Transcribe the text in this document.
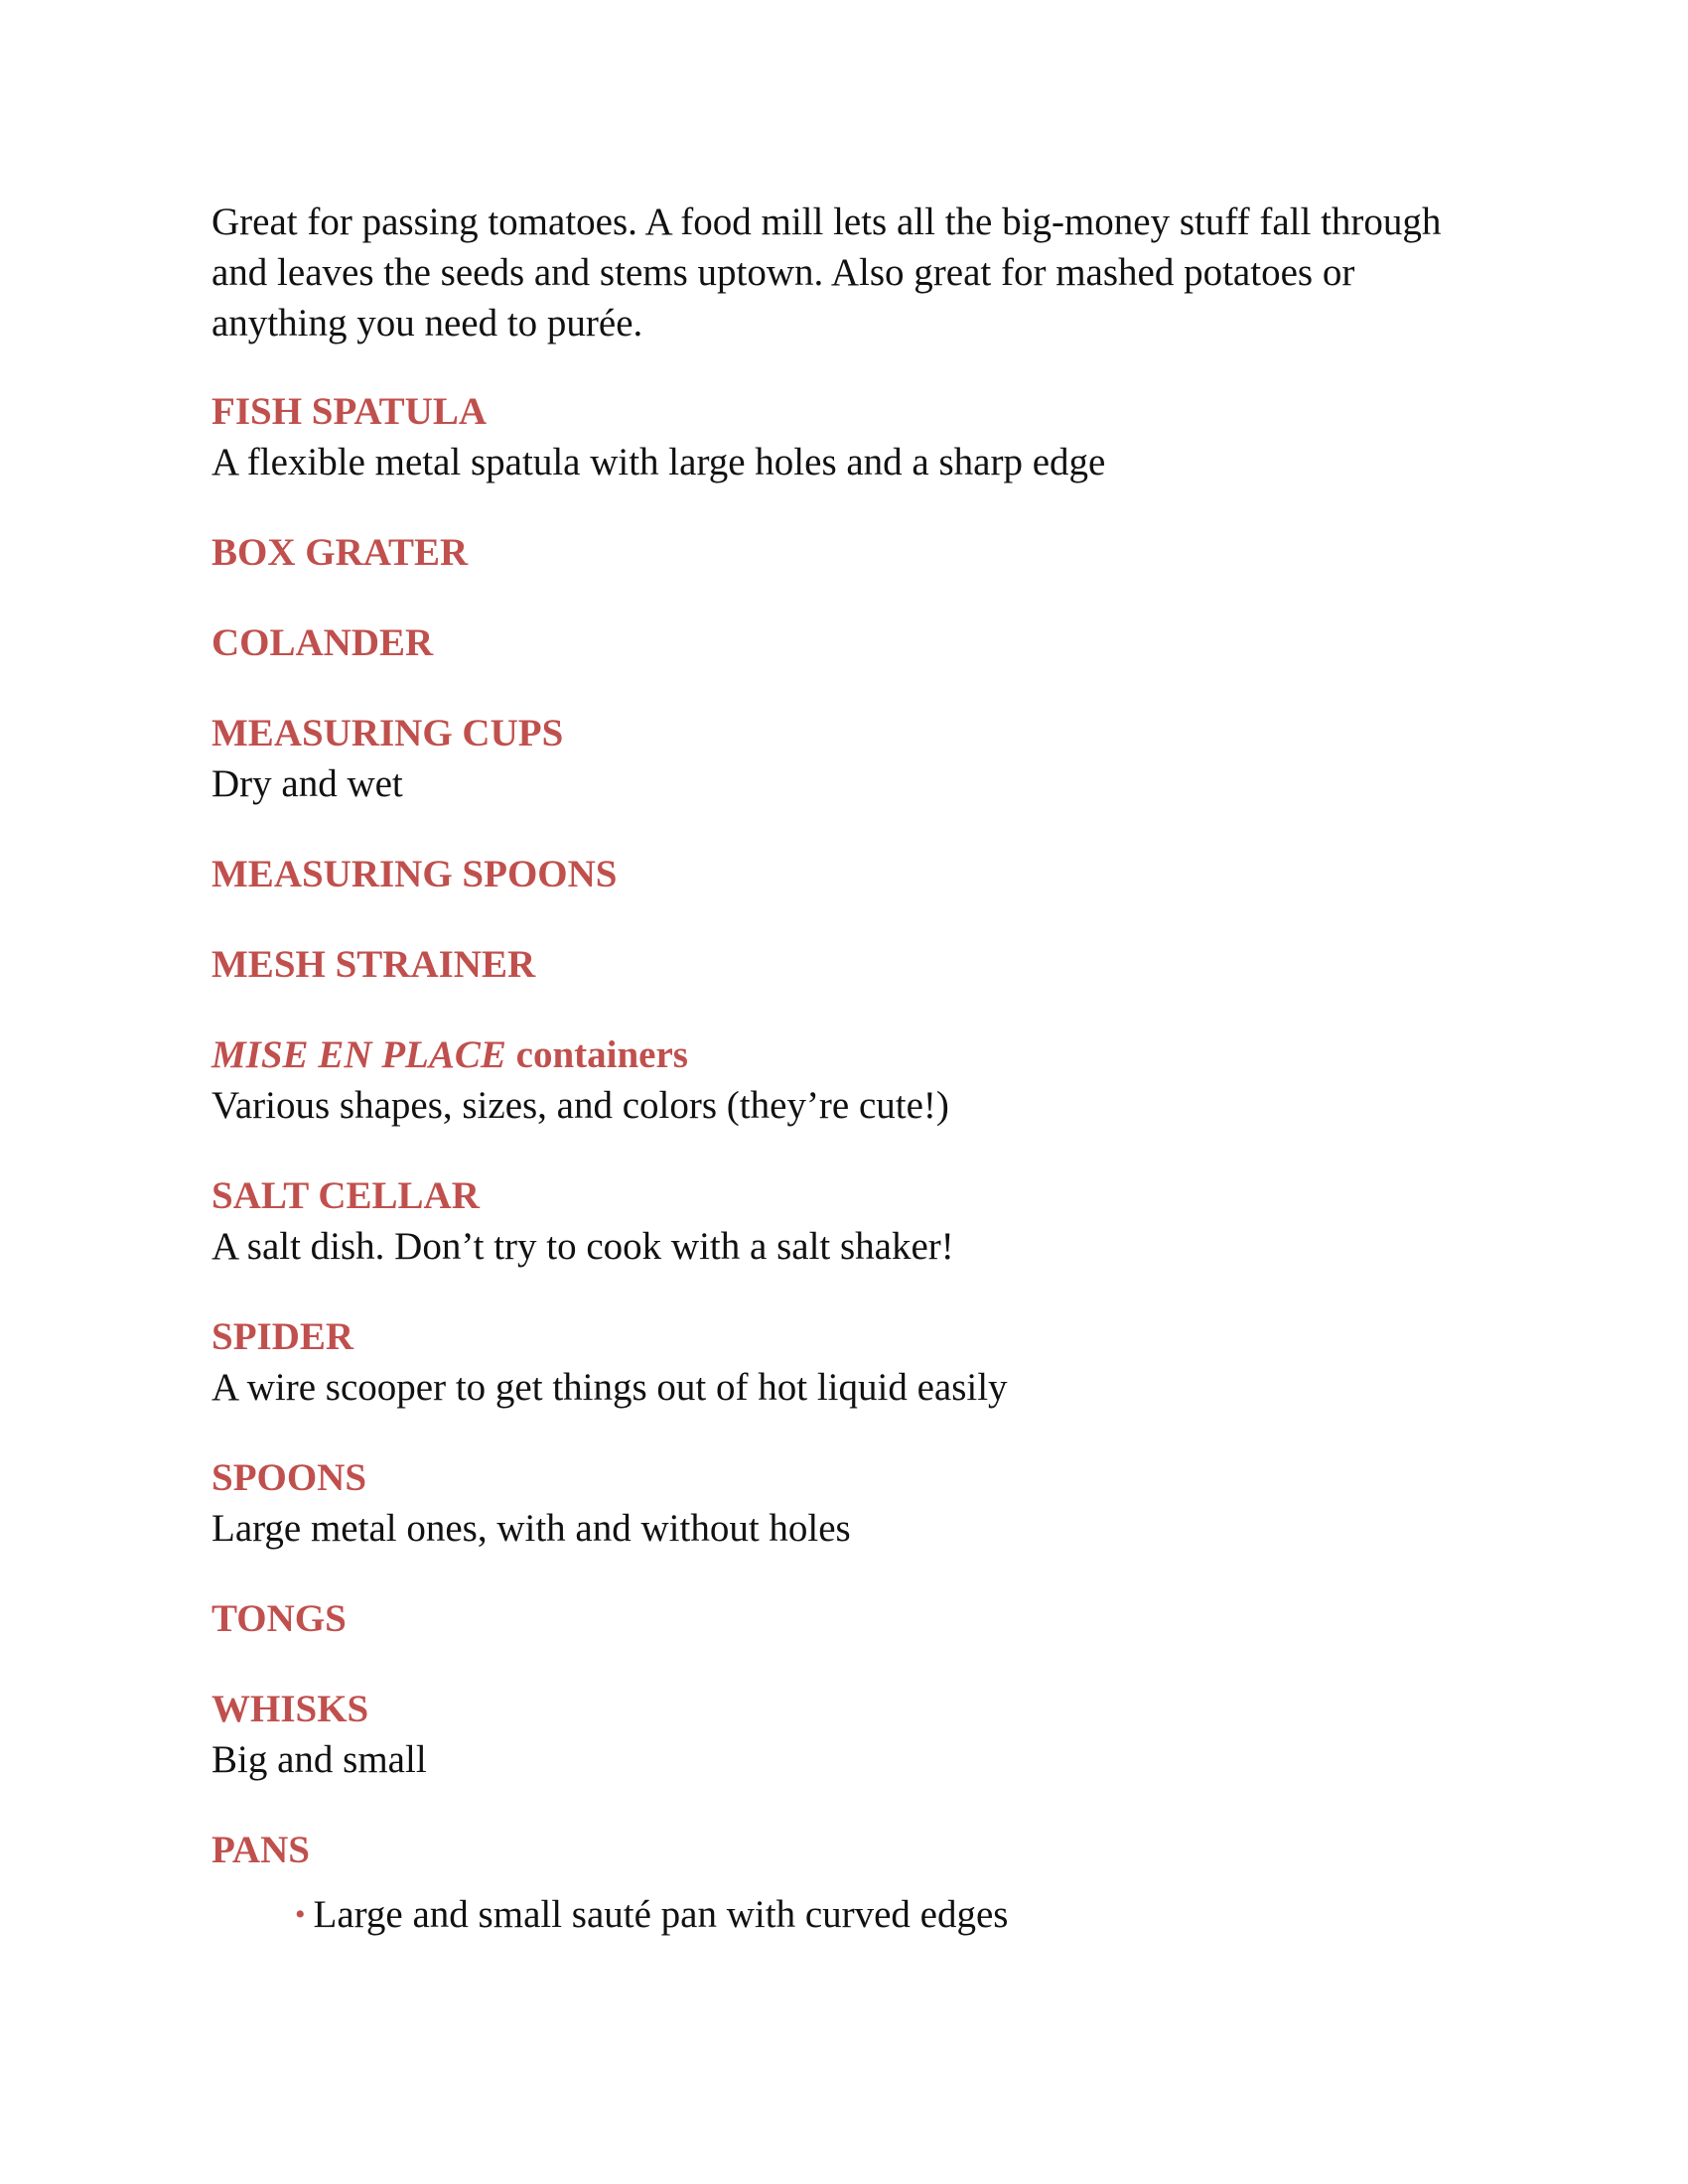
Great for passing tomatoes. A food mill lets all the big-money stuff fall through and leaves the seeds and stems uptown. Also great for mashed potatoes or anything you need to purée.

FISH SPATULA

A flexible metal spatula with large holes and a sharp edge

BOX GRATER

COLANDER

MEASURING CUPS

Dry and wet

MEASURING SPOONS

MESH STRAINER

MISE EN PLACE containers

Various shapes, sizes, and colors (they’re cute!)

SALT CELLAR

A salt dish. Don’t try to cook with a salt shaker!

SPIDER

A wire scooper to get things out of hot liquid easily

SPOONS

Large metal ones, with and without holes

TONGS

WHISKS

Big and small

PANS

• Large and small sauté pan with curved edges
